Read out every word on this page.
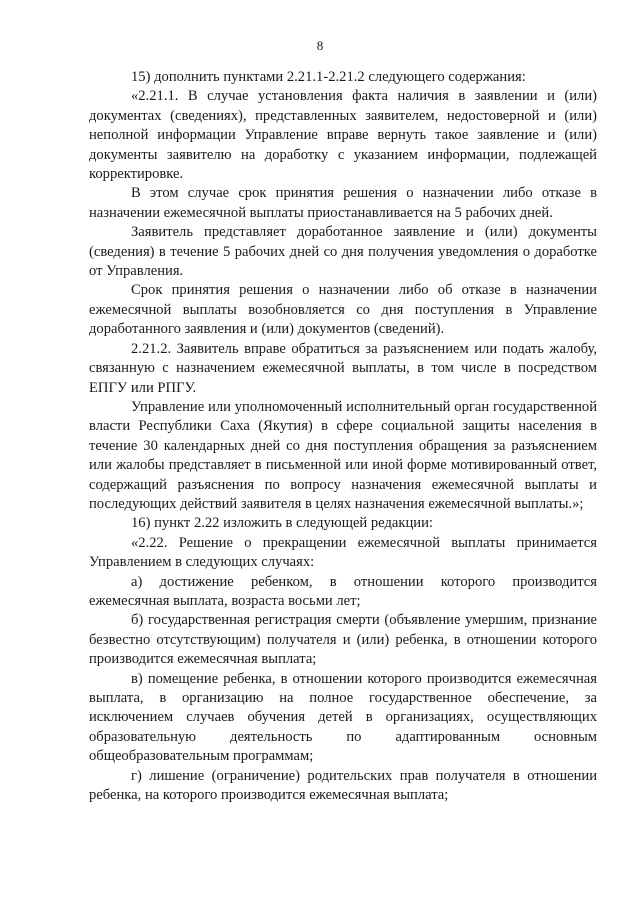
8

15) дополнить пунктами 2.21.1-2.21.2 следующего содержания:

«2.21.1. В случае установления факта наличия в заявлении и (или) документах (сведениях), представленных заявителем, недостоверной и (или) неполной информации Управление вправе вернуть такое заявление и (или) документы заявителю на доработку с указанием информации, подлежащей корректировке.

В этом случае срок принятия решения о назначении либо отказе в назначении ежемесячной выплаты приостанавливается на 5 рабочих дней.

Заявитель представляет доработанное заявление и (или) документы (сведения) в течение 5 рабочих дней со дня получения уведомления о доработке от Управления.

Срок принятия решения о назначении либо об отказе в назначении ежемесячной выплаты возобновляется со дня поступления в Управление доработанного заявления и (или) документов (сведений).

2.21.2. Заявитель вправе обратиться за разъяснением или подать жалобу, связанную с назначением ежемесячной выплаты, в том числе в посредством ЕПГУ или РПГУ.

Управление или уполномоченный исполнительный орган государственной власти Республики Саха (Якутия) в сфере социальной защиты населения в течение 30 календарных дней со дня поступления обращения за разъяснением или жалобы представляет в письменной или иной форме мотивированный ответ, содержащий разъяснения по вопросу назначения ежемесячной выплаты и последующих действий заявителя в целях назначения ежемесячной выплаты.»;

16) пункт 2.22 изложить в следующей редакции:

«2.22. Решение о прекращении ежемесячной выплаты принимается Управлением в следующих случаях:

а) достижение ребенком, в отношении которого производится ежемесячная выплата, возраста восьми лет;

б) государственная регистрация смерти (объявление умершим, признание безвестно отсутствующим) получателя и (или) ребенка, в отношении которого производится ежемесячная выплата;

в) помещение ребенка, в отношении которого производится ежемесячная выплата, в организацию на полное государственное обеспечение, за исключением случаев обучения детей в организациях, осуществляющих образовательную деятельность по адаптированным основным общеобразовательным программам;

г) лишение (ограничение) родительских прав получателя в отношении ребенка, на которого производится ежемесячная выплата;
